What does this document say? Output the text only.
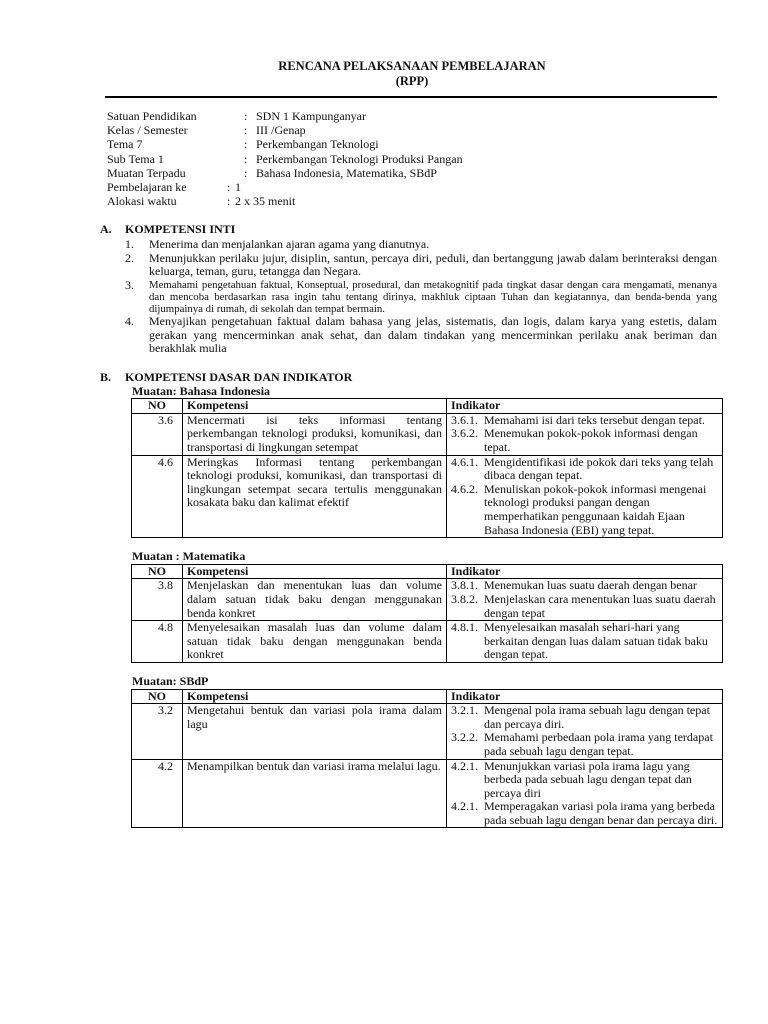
RENCANA PELAKSANAAN PEMBELAJARAN
(RPP)
Satuan Pendidikan	: SDN 1 Kampunganyar
Kelas / Semester	: III /Genap
Tema 7	: Perkembangan Teknologi
Sub Tema 1	: Perkembangan Teknologi Produksi Pangan
Muatan Terpadu	: Bahasa Indonesia, Matematika, SBdP
Pembelajaran ke	: 1
Alokasi waktu	: 2 x 35 menit
A.	KOMPETENSI INTI
1.	Menerima dan menjalankan ajaran agama yang dianutnya.
2.	Menunjukkan perilaku jujur, disiplin, santun, percaya diri, peduli, dan bertanggung jawab dalam berinteraksi dengan keluarga, teman, guru, tetangga dan Negara.
3.	Memahami pengetahuan faktual, Konseptual, prosedural, dan metakognitif pada tingkat dasar dengan cara mengamati, menanya dan mencoba berdasarkan rasa ingin tahu tentang dirinya, makhluk ciptaan Tuhan dan kegiatannya, dan benda-benda yang dijumpainya di rumah, di sekolah dan tempat bermain.
4.	Menyajikan pengetahuan faktual dalam bahasa yang jelas, sistematis, dan logis, dalam karya yang estetis, dalam gerakan yang mencerminkan anak sehat, dan dalam tindakan yang mencerminkan perilaku anak beriman dan berakhlak mulia
B.	KOMPETENSI DASAR DAN INDIKATOR
Muatan: Bahasa Indonesia
NO	Kompetensi	Indikator
3.6	Mencermati isi teks informasi tentang perkembangan teknologi produksi, komunikasi, dan transportasi di lingkungan setempat	3.6.1. Memahami isi dari teks tersebut dengan tepat.
3.6.2. Menemukan pokok-pokok informasi dengan tepat.

4.6	Meringkas Informasi tentang perkembangan teknologi produksi, komunikasi, dan transportasi di lingkungan setempat secara tertulis menggunakan kosakata baku dan kalimat efektif	4.6.1. Mengidentifikasi ide pokok dari teks yang telah dibaca dengan tepat.
4.6.2. Menuliskan pokok-pokok informasi mengenai teknologi produksi pangan dengan memperhatikan penggunaan kaidah Ejaan Bahasa Indonesia (EBI) yang tepat.
Muatan : Matematika
NO	Kompetensi	Indikator
3.8	Menjelaskan dan menentukan luas dan volume dalam satuan tidak baku dengan menggunakan benda konkret	3.8.1. Menemukan luas suatu daerah dengan benar
3.8.2. Menjelaskan cara menentukan luas suatu daerah dengan tepat

4.8	Menyelesaikan masalah luas dan volume dalam satuan tidak baku dengan menggunakan benda konkret	4.8.1. Menyelesaikan masalah sehari-hari yang berkaitan dengan luas dalam satuan tidak baku dengan tepat.
Muatan: SBdP
NO	Kompetensi	Indikator
3.2	Mengetahui bentuk dan variasi pola irama dalam lagu	3.2.1. Mengenal pola irama sebuah lagu dengan tepat dan percaya diri.
3.2.2. Memahami perbedaan pola irama yang terdapat pada sebuah lagu dengan tepat.

4.2	Menampilkan bentuk dan variasi irama melalui lagu.	4.2.1. Menunjukkan variasi pola irama lagu yang berbeda pada sebuah lagu dengan tepat dan percaya diri
4.2.1. Memperagakan variasi pola irama yang berbeda pada sebuah lagu dengan benar dan percaya diri.
